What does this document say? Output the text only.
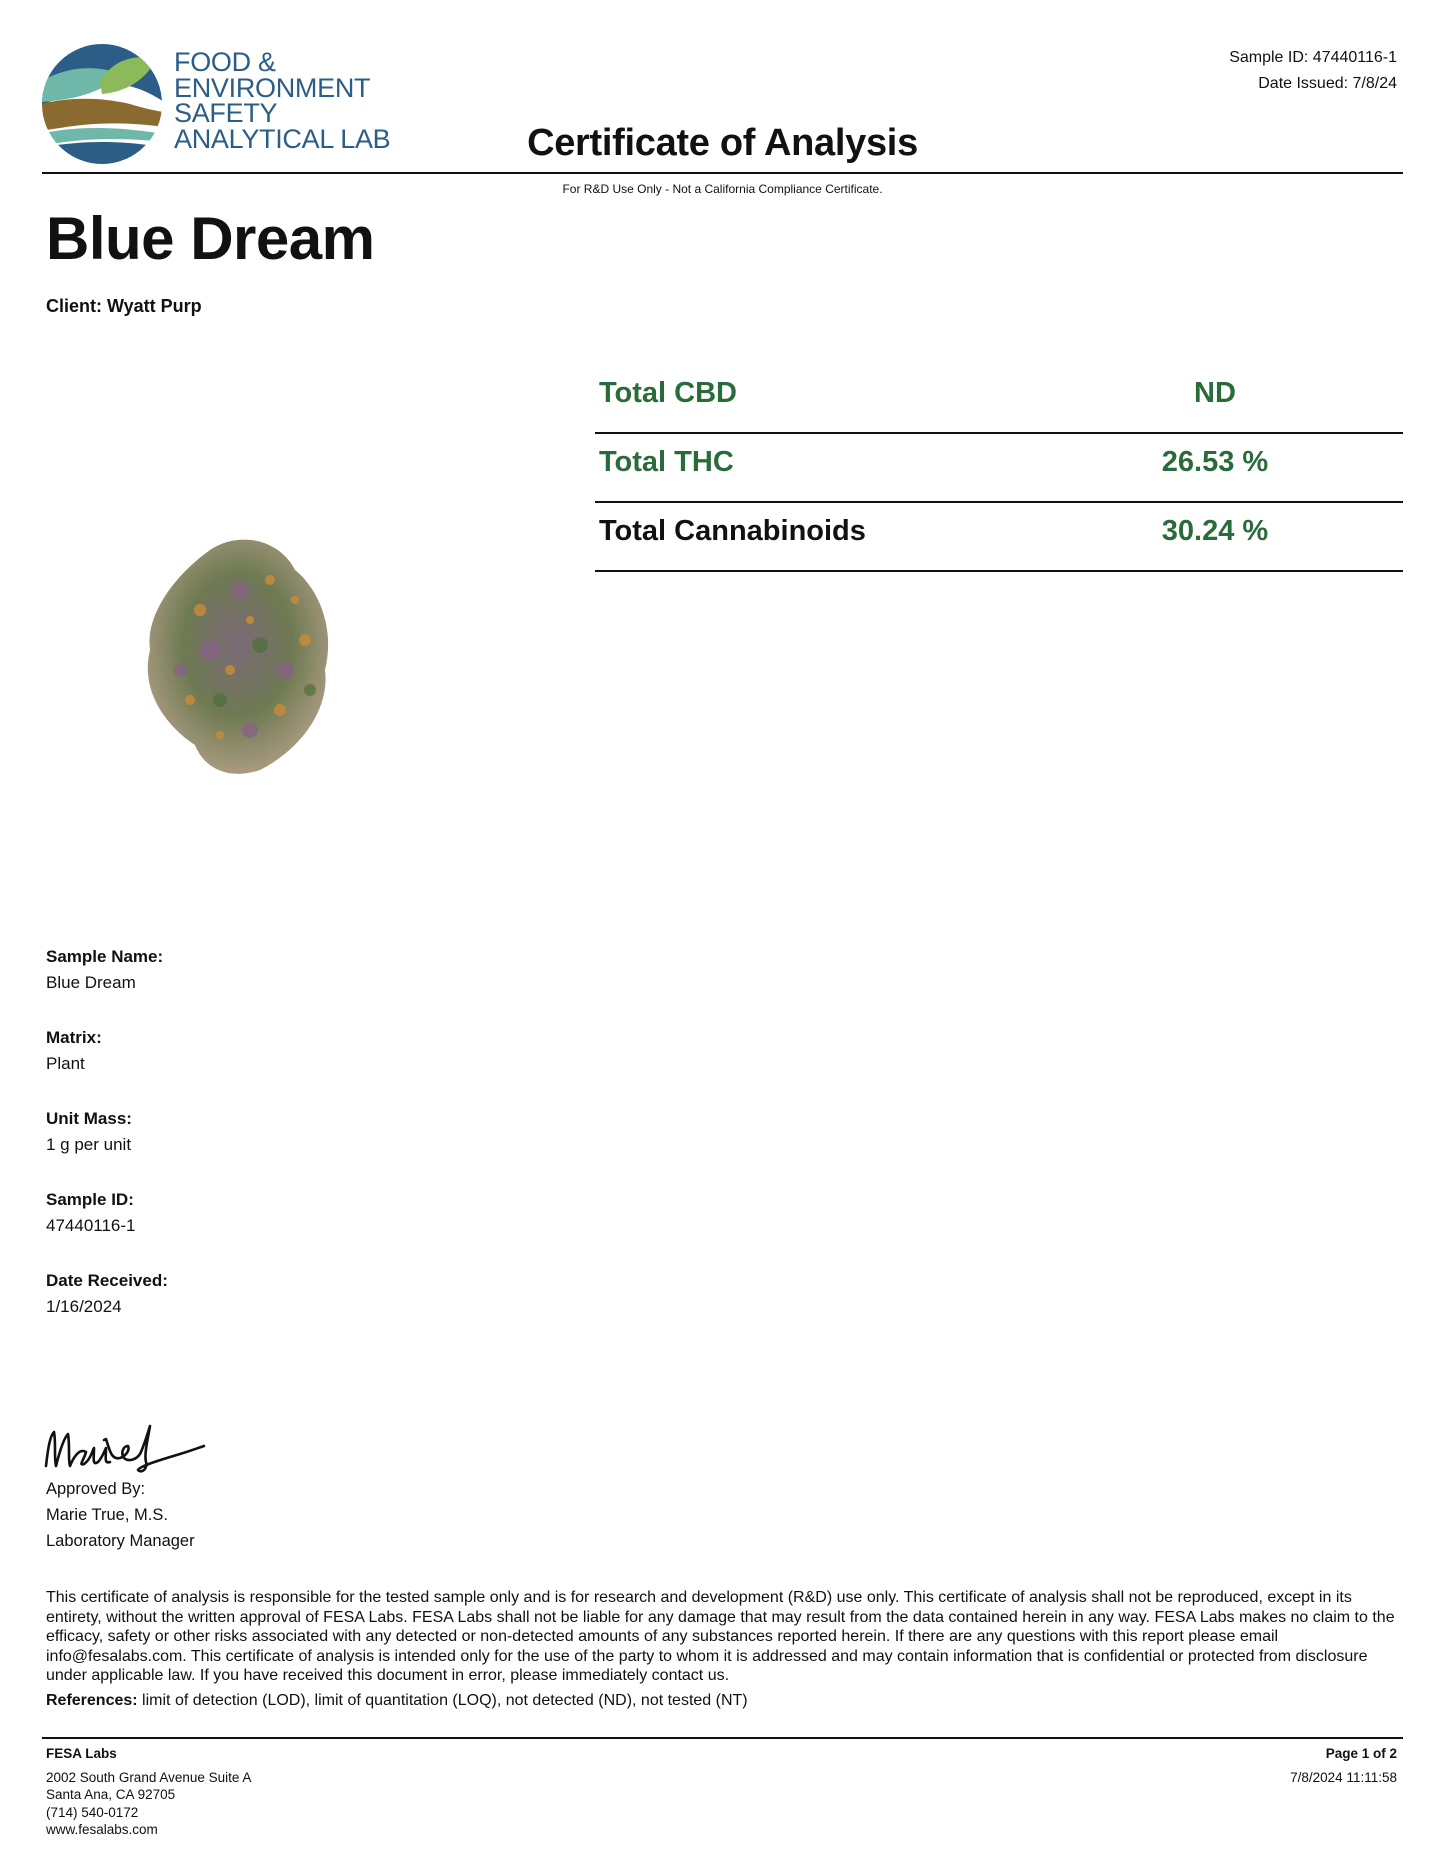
FOOD &
ENVIRONMENT
SAFETY
ANALYTICAL LAB
Sample ID: 47440116-1
Date Issued: 7/8/24
Certificate of Analysis
For R&D Use Only - Not a California Compliance Certificate.
Blue Dream
Client: Wyatt Purp
Total CBD	ND
Total THC	26.53 %
Total Cannabinoids	30.24 %
Sample Name:
Blue Dream
Matrix:
Plant
Unit Mass:
1 g per unit
Sample ID:
47440116-1
Date Received:
1/16/2024
Approved By:
Marie True, M.S.
Laboratory Manager
This certificate of analysis is responsible for the tested sample only and is for research and development (R&D) use only. This certificate of analysis shall not be reproduced, except in its entirety, without the written approval of FESA Labs. FESA Labs shall not be liable for any damage that may result from the data contained herein in any way. FESA Labs makes no claim to the efficacy, safety or other risks associated with any detected or non-detected amounts of any substances reported herein. If there are any questions with this report please email info@fesalabs.com. This certificate of analysis is intended only for the use of the party to whom it is addressed and may contain information that is confidential or protected from disclosure under applicable law. If you have received this document in error, please immediately contact us.
References: limit of detection (LOD), limit of quantitation (LOQ), not detected (ND), not tested (NT)
FESA Labs
2002 South Grand Avenue Suite A
Santa Ana, CA 92705
(714) 540-0172
www.fesalabs.com
Page 1 of 2
7/8/2024 11:11:58
